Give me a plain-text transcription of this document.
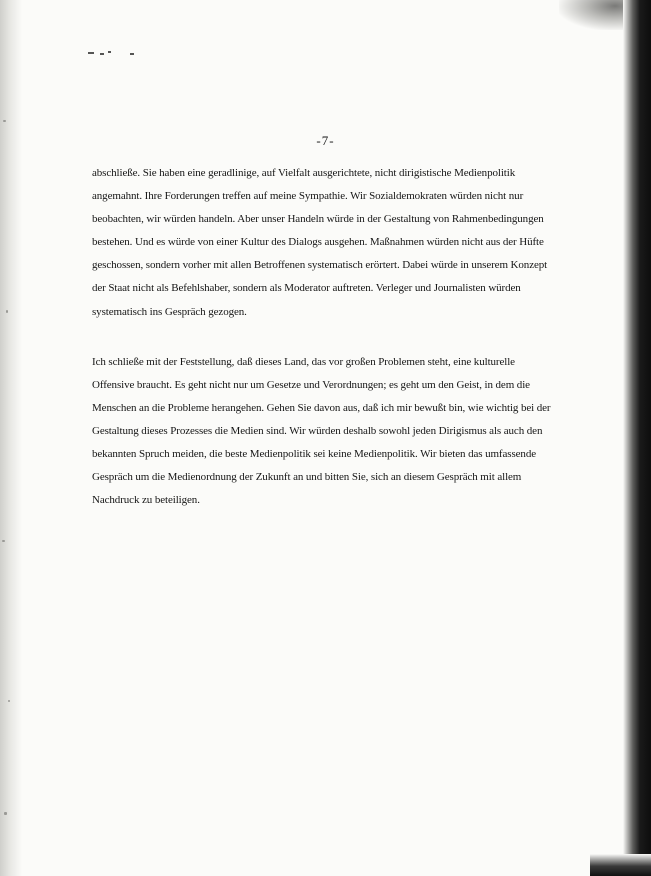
-7-

abschließe. Sie haben eine geradlinige, auf Vielfalt ausgerichtete, nicht dirigistische Medienpolitik
angemahnt. Ihre Forderungen treffen auf meine Sympathie. Wir Sozialdemokraten würden nicht nur
beobachten, wir würden handeln. Aber unser Handeln würde in der Gestaltung von Rahmenbedingungen
bestehen. Und es würde von einer Kultur des Dialogs ausgehen. Maßnahmen würden nicht aus der Hüfte
geschossen, sondern vorher mit allen Betroffenen systematisch erörtert. Dabei würde in unserem Konzept
der Staat nicht als Befehlshaber, sondern als Moderator auftreten. Verleger und Journalisten würden
systematisch ins Gespräch gezogen.

Ich schließe mit der Feststellung, daß dieses Land, das vor großen Problemen steht, eine kulturelle
Offensive braucht. Es geht nicht nur um Gesetze und Verordnungen; es geht um den Geist, in dem die
Menschen an die Probleme herangehen. Gehen Sie davon aus, daß ich mir bewußt bin, wie wichtig bei der
Gestaltung dieses Prozesses die Medien sind. Wir würden deshalb sowohl jeden Dirigismus als auch den
bekannten Spruch meiden, die beste Medienpolitik sei keine Medienpolitik. Wir bieten das umfassende
Gespräch um die Medienordnung der Zukunft an und bitten Sie, sich an diesem Gespräch mit allem
Nachdruck zu beteiligen.
